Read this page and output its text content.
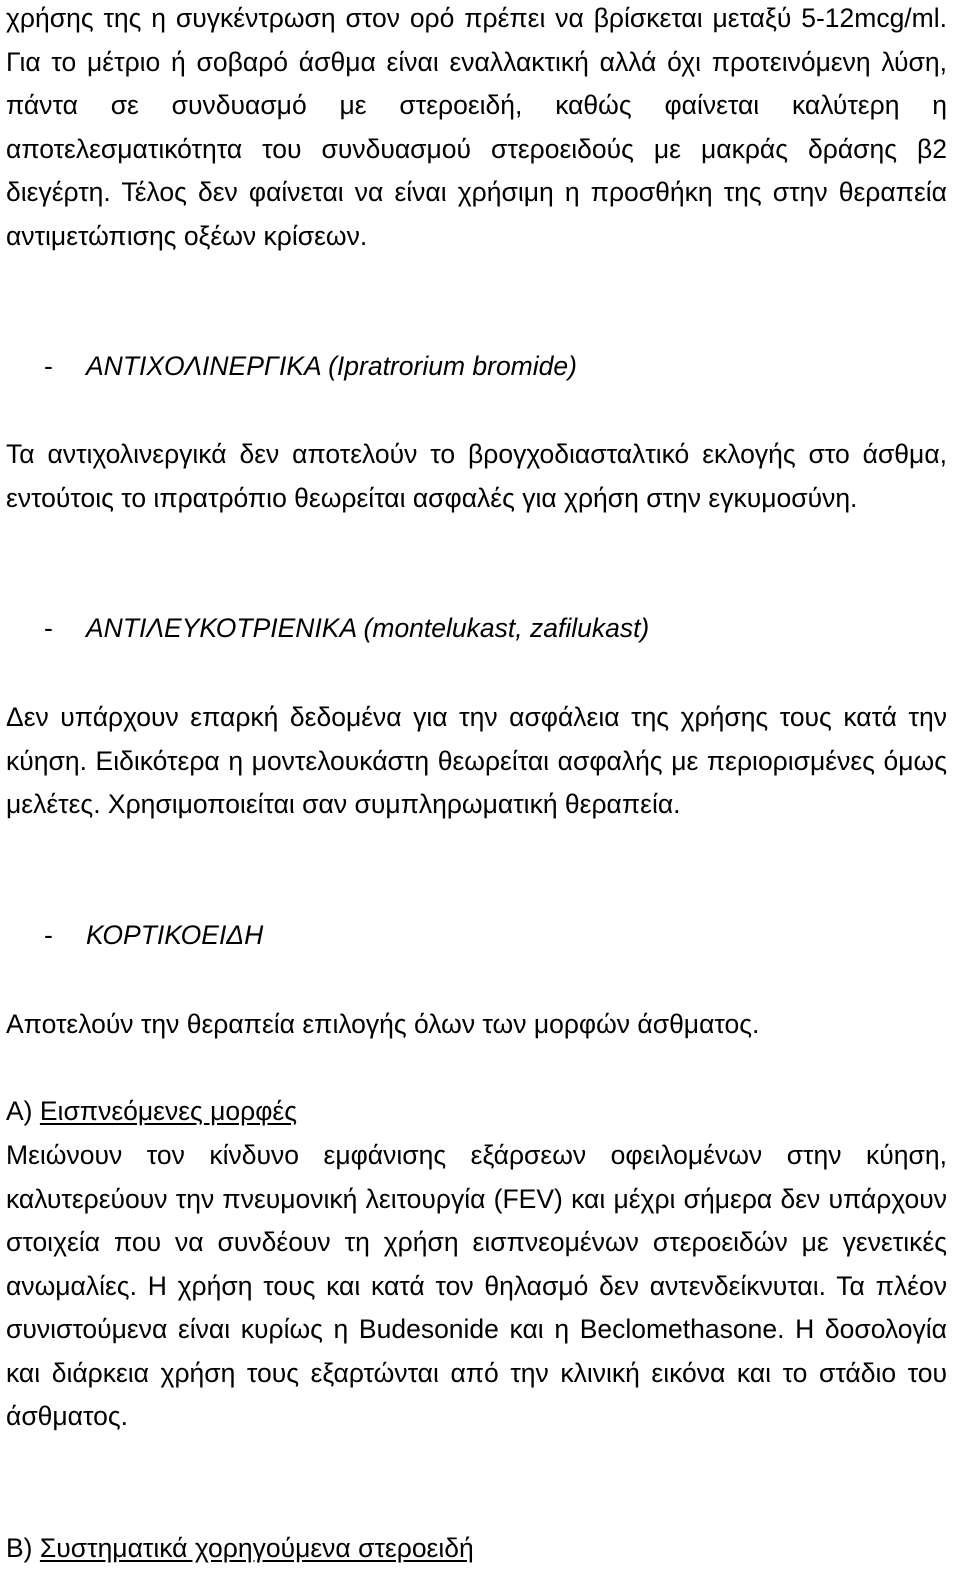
χρήσης της η συγκέντρωση στον ορό πρέπει να βρίσκεται μεταξύ 5-12mcg/ml. Για το μέτριο ή σοβαρό άσθμα είναι εναλλακτική αλλά όχι προτεινόμενη λύση, πάντα σε συνδυασμό με στεροειδή, καθώς φαίνεται καλύτερη η αποτελεσματικότητα του συνδυασμού στεροειδούς με μακράς δράσης β2 διεγέρτη. Τέλος δεν φαίνεται να είναι χρήσιμη η προσθήκη της στην θεραπεία αντιμετώπισης οξέων κρίσεων.

- ΑΝΤΙΧΟΛΙΝΕΡΓΙΚΑ (Ipratrorium bromide)

Τα αντιχολινεργικά δεν αποτελούν το βρογχοδιασταλτικό εκλογής στο άσθμα, εντούτοις το ιπρατρόπιο θεωρείται ασφαλές για χρήση στην εγκυμοσύνη.

- ΑΝΤΙΛΕΥΚΟΤΡΙΕΝΙΚΑ (montelukast, zafilukast)

Δεν υπάρχουν επαρκή δεδομένα για την ασφάλεια της χρήσης τους κατά την κύηση. Ειδικότερα η μοντελουκάστη θεωρείται ασφαλής με περιορισμένες όμως μελέτες. Χρησιμοποιείται σαν συμπληρωματική θεραπεία.

- ΚΟΡΤΙΚΟΕΙΔΗ

Αποτελούν την θεραπεία επιλογής όλων των μορφών άσθματος.

Α) Εισπνεόμενες μορφές

Μειώνουν τον κίνδυνο εμφάνισης εξάρσεων οφειλομένων στην κύηση, καλυτερεύουν την πνευμονική λειτουργία (FEV) και μέχρι σήμερα δεν υπάρχουν στοιχεία που να συνδέουν τη χρήση εισπνεομένων στεροειδών με γενετικές ανωμαλίες. Η χρήση τους και κατά τον θηλασμό δεν αντενδείκνυται. Τα πλέον συνιστούμενα είναι κυρίως η Budesonide και η Beclomethasone. Η δοσολογία και διάρκεια χρήση τους εξαρτώνται από την κλινική εικόνα και το στάδιο του άσθματος.

Β) Συστηματικά χορηγούμενα στεροειδή
